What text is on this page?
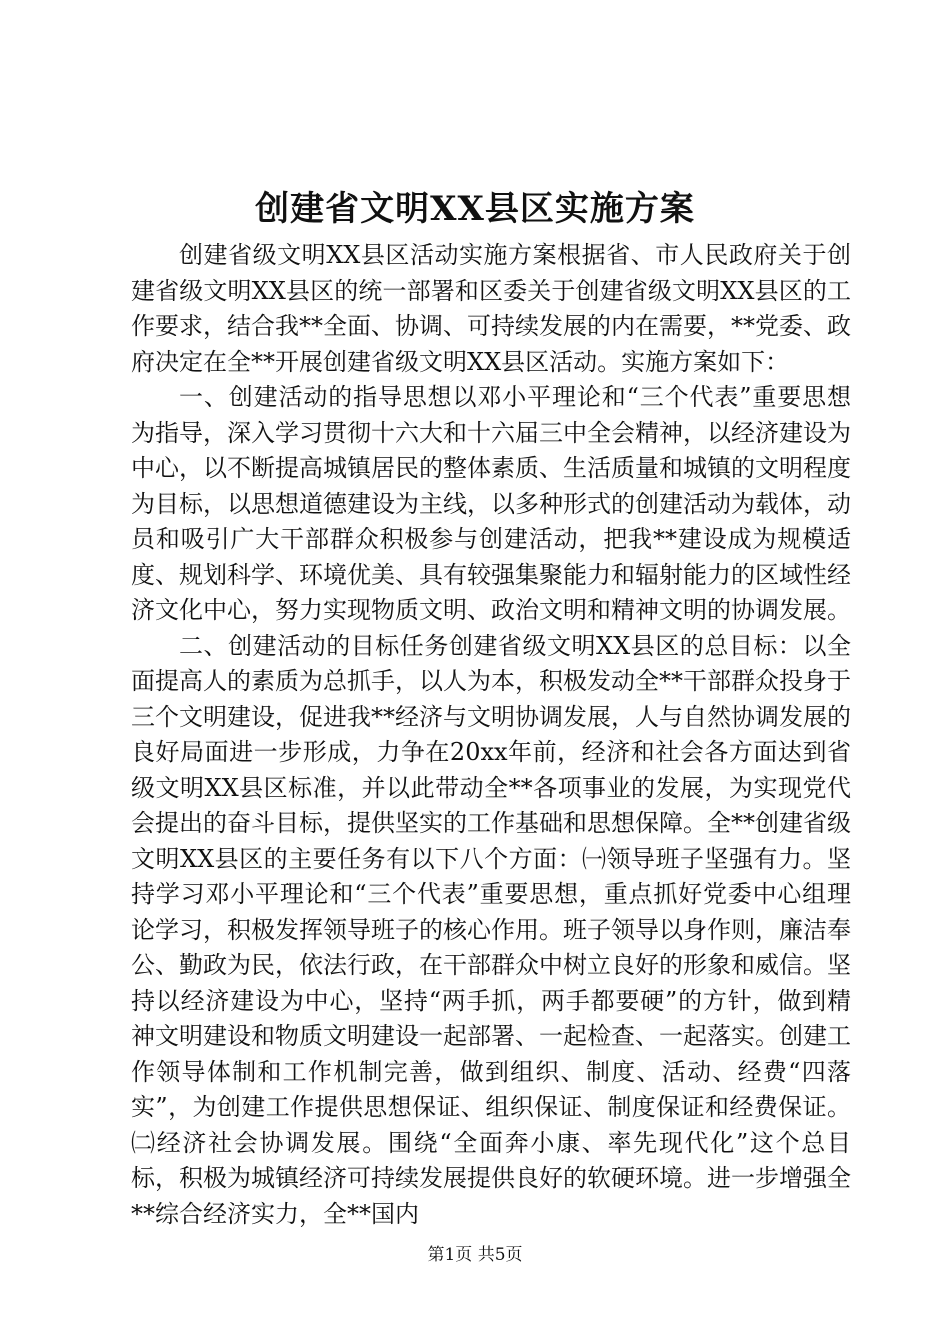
创建省文明XX县区实施方案

创建省级文明XX县区活动实施方案根据省、市人民政府关于创建省级文明XX县区的统一部署和区委关于创建省级文明XX县区的工作要求，结合我**全面、协调、可持续发展的内在需要，**党委、政府决定在全**开展创建省级文明XX县区活动。实施方案如下：

一、创建活动的指导思想以邓小平理论和“三个代表”重要思想为指导，深入学习贯彻十六大和十六届三中全会精神，以经济建设为中心，以不断提高城镇居民的整体素质、生活质量和城镇的文明程度为目标，以思想道德建设为主线，以多种形式的创建活动为载体，动员和吸引广大干部群众积极参与创建活动，把我**建设成为规模适度、规划科学、环境优美、具有较强集聚能力和辐射能力的区域性经济文化中心，努力实现物质文明、政治文明和精神文明的协调发展。

二、创建活动的目标任务创建省级文明XX县区的总目标：以全面提高人的素质为总抓手，以人为本，积极发动全**干部群众投身于三个文明建设，促进我**经济与文明协调发展，人与自然协调发展的良好局面进一步形成，力争在20xx年前，经济和社会各方面达到省级文明XX县区标准，并以此带动全**各项事业的发展，为实现党代会提出的奋斗目标，提供坚实的工作基础和思想保障。全**创建省级文明XX县区的主要任务有以下八个方面：㈠领导班子坚强有力。坚持学习邓小平理论和“三个代表”重要思想，重点抓好党委中心组理论学习，积极发挥领导班子的核心作用。班子领导以身作则，廉洁奉公、勤政为民，依法行政，在干部群众中树立良好的形象和威信。坚持以经济建设为中心，坚持“两手抓，两手都要硬”的方针，做到精神文明建设和物质文明建设一起部署、一起检查、一起落实。创建工作领导体制和工作机制完善，做到组织、制度、活动、经费“四落实”，为创建工作提供思想保证、组织保证、制度保证和经费保证。㈡经济社会协调发展。围绕“全面奔小康、率先现代化”这个总目标，积极为城镇经济可持续发展提供良好的软硬环境。进一步增强全**综合经济实力，全**国内

第1页 共5页
